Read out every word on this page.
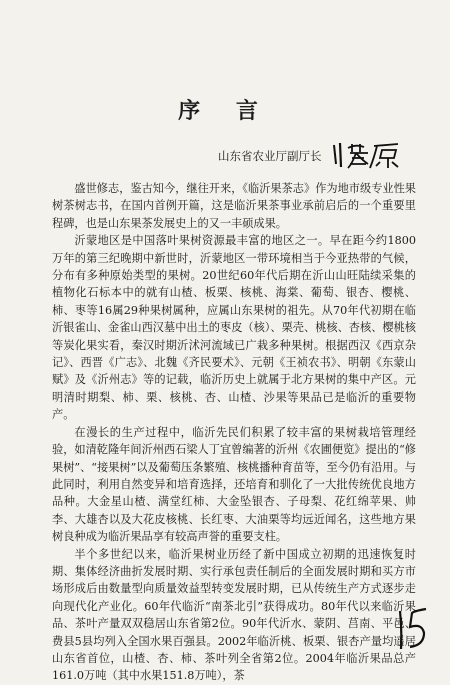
序 言
山东省农业厅副厅长

盛世修志，鉴古知今，继往开来，《临沂果茶志》作为地市级专业性果树茶树志书，在国内首例开篇，这是临沂果茶事业承前启后的一个重要里程碑，也是山东果茶发展史上的又一丰硕成果。

沂蒙地区是中国落叶果树资源最丰富的地区之一。早在距今约1800万年的第三纪晚期中新世时，沂蒙地区一带环境相当于今亚热带的气候，分布有多种原始类型的果树。20世纪60年代后期在沂山山旺陆续采集的植物化石标本中的就有山楂、板栗、核桃、海棠、葡萄、银杏、樱桃、柿、枣等16属29种果树属种，应属山东果树的祖先。从70年代初期在临沂银雀山、金雀山西汉墓中出土的枣皮（核）、栗壳、桃核、杏核、樱桃核等炭化果实看，秦汉时期沂沭河流域已广栽多种果树。根据西汉《西京杂记》、西晋《广志》、北魏《齐民要术》、元朝《王祯农书》、明朝《东蒙山赋》及《沂州志》等的记载，临沂历史上就属于北方果树的集中产区。元明清时期梨、柿、栗、核桃、杏、山楂、沙果等果品已是临沂的重要物产。

在漫长的生产过程中，临沂先民们积累了较丰富的果树栽培管理经验，如清乾隆年间沂州西石梁人丁宜曾编著的沂州《农圃便览》提出的“修果树”、“接果树”以及葡萄压条繁殖、核桃播种育苗等，至今仍有沿用。与此同时，利用自然变异和培育选择，还培育和驯化了一大批传统优良地方品种。大金星山楂、满堂红柿、大金坠银杏、子母梨、花红绵苹果、帅李、大雄杏以及大花皮核桃、长红枣、大油栗等均远近闻名，这些地方果树良种成为临沂果品享有较高声誉的重要支柱。

半个多世纪以来，临沂果树业历经了新中国成立初期的迅速恢复时期、集体经济曲折发展时期、实行承包责任制后的全面发展时期和买方市场形成后由数量型向质量效益型转变发展时期，已从传统生产方式逐步走向现代化产业化。60年代临沂“南茶北引”获得成功。80年代以来临沂果品、茶叶产量双双稳居山东省第2位。90年代沂水、蒙阴、莒南、平邑、费县5县均列入全国水果百强县。2002年临沂桃、板栗、银杏产量均遥居山东省首位，山楂、杏、柿、茶叶列全省第2位。2004年临沂果品总产161.0万吨（其中水果151.8万吨），茶
